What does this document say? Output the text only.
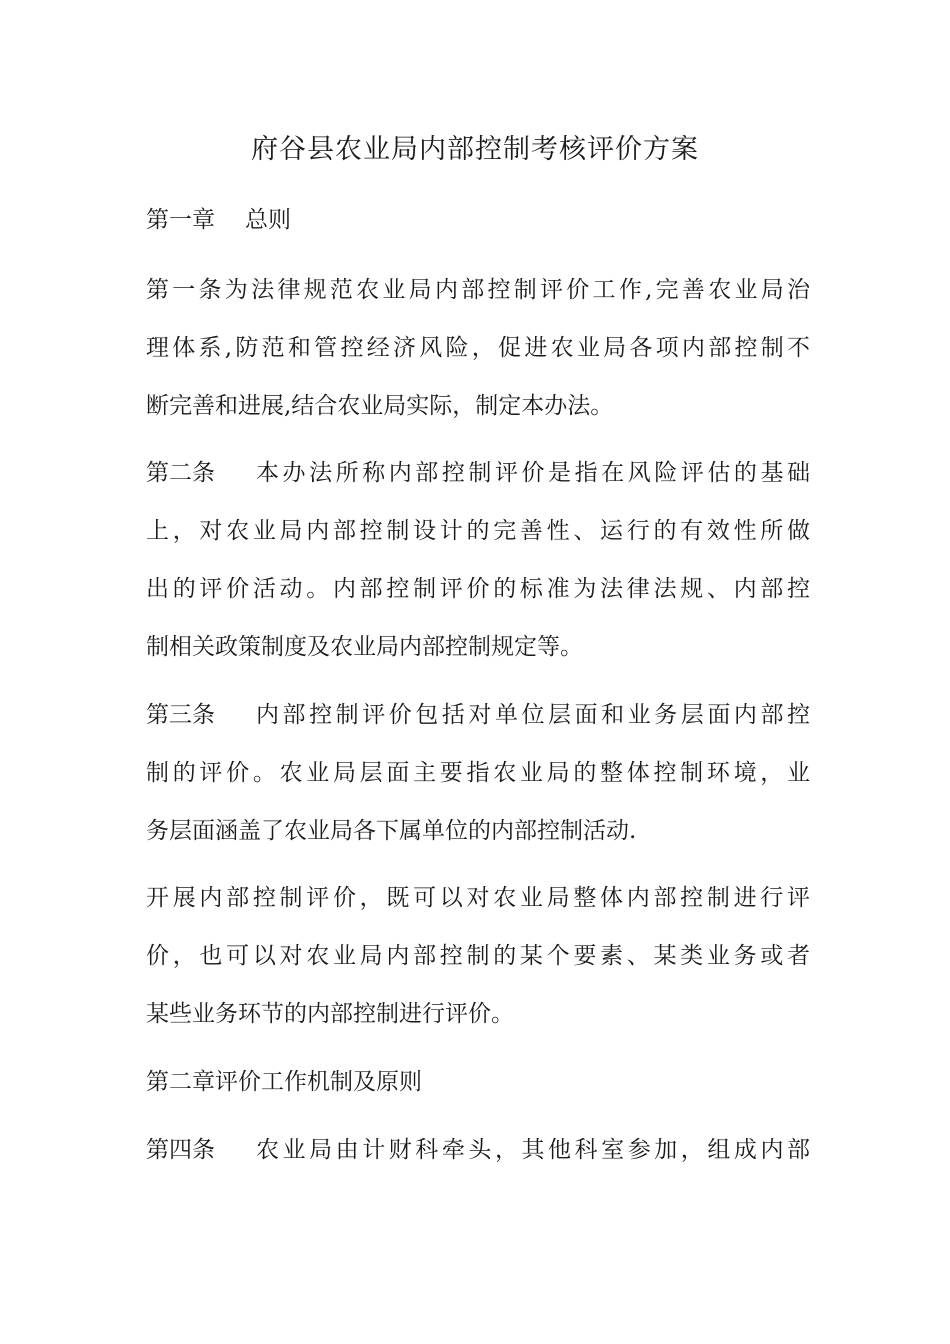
府谷县农业局内部控制考核评价方案
第一章 总则
第一条为法律规范农业局内部控制评价工作,完善农业局治
理体系,防范和管控经济风险，促进农业局各项内部控制不
断完善和进展,结合农业局实际，制定本办法。
第二条 本办法所称内部控制评价是指在风险评估的基础
上，对农业局内部控制设计的完善性、运行的有效性所做
出的评价活动。内部控制评价的标准为法律法规、内部控
制相关政策制度及农业局内部控制规定等。
第三条 内部控制评价包括对单位层面和业务层面内部控
制的评价。农业局层面主要指农业局的整体控制环境，业
务层面涵盖了农业局各下属单位的内部控制活动.
开展内部控制评价，既可以对农业局整体内部控制进行评
价，也可以对农业局内部控制的某个要素、某类业务或者
某些业务环节的内部控制进行评价。
第二章评价工作机制及原则
第四条 农业局由计财科牵头，其他科室参加，组成内部
